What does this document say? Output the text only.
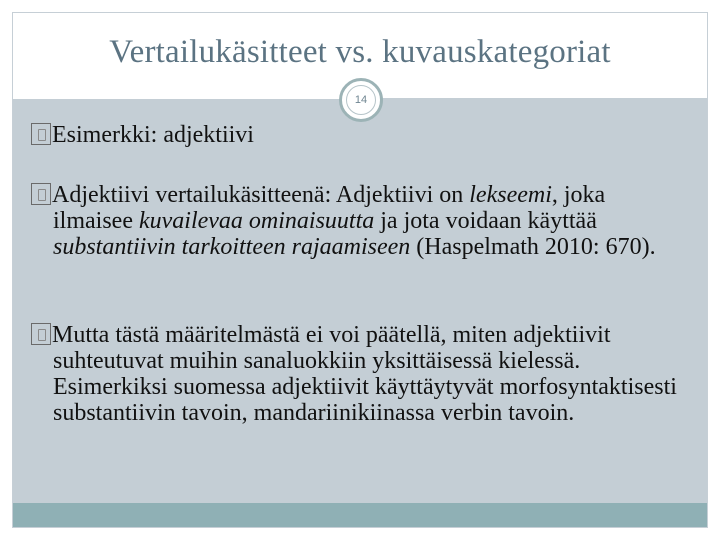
Vertailukäsitteet vs. kuvauskategoriat
14
Esimerkki: adjektiivi
Adjektiivi vertailukäsitteenä: Adjektiivi on lekseemi, joka ilmaisee kuvailevaa ominaisuutta ja jota voidaan käyttää substantiivin tarkoitteen rajaamiseen (Haspelmath 2010: 670).
Mutta tästä määritelmästä ei voi päätellä, miten adjektiivit suhteutuvat muihin sanaluokkiin yksittäisessä kielessä. Esimerkiksi suomessa adjektiivit käyttäytyvät morfosyntaktisesti substantiivin tavoin, mandariinikiinassa verbin tavoin.
